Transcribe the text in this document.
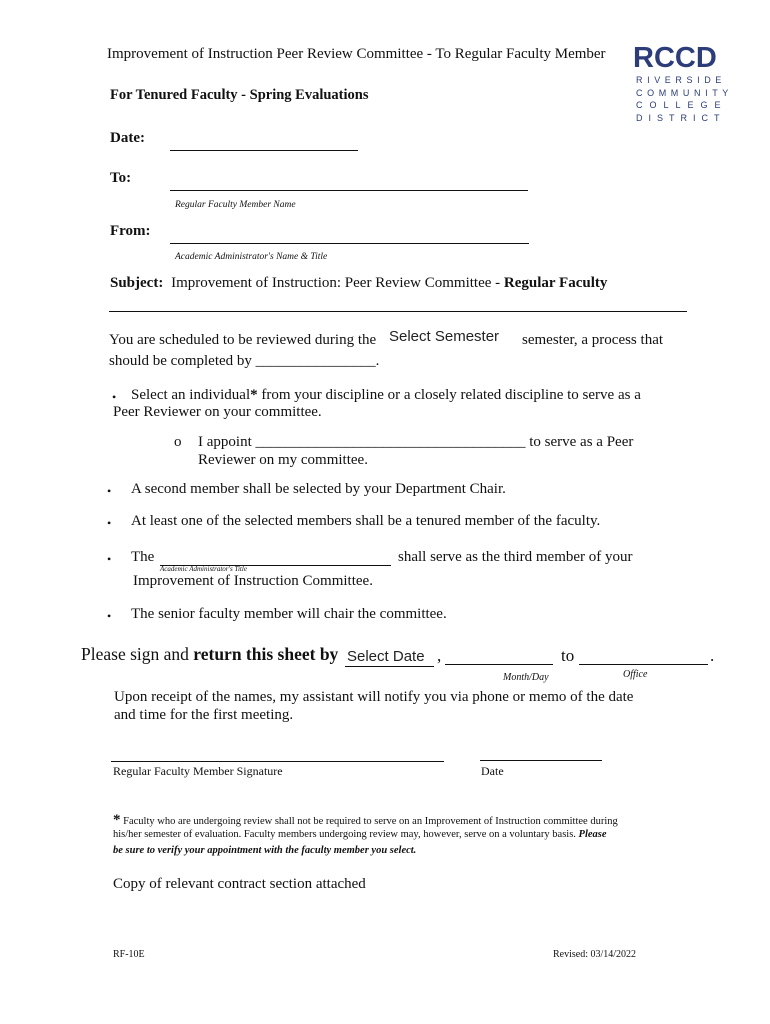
Improvement of Instruction Peer Review Committee - To Regular Faculty Member
For Tenured Faculty - Spring Evaluations
RCCD
RIVERSIDE
COMMUNITY
COLLEGE
DISTRICT
Date:
To:
Regular Faculty Member Name
From:
Academic Administrator's Name & Title
Subject: Improvement of Instruction: Peer Review Committee - Regular Faculty
You are scheduled to be reviewed during the Select Semester semester, a process that
should be completed by ________________.
• Select an individual* from your discipline or a closely related discipline to serve as a
Peer Reviewer on your committee.
o I appoint ____________________________________ to serve as a Peer
Reviewer on my committee.
• A second member shall be selected by your Department Chair.
• At least one of the selected members shall be a tenured member of the faculty.
• The	shall serve as the third member of your
Academic Administrator's Title
Improvement of Instruction Committee.
• The senior faculty member will chair the committee.
Please sign and return this sheet by Select Date ,	to	.
Month/Day	Office
Upon receipt of the names, my assistant will notify you via phone or memo of the date
and time for the first meeting.
Regular Faculty Member Signature	Date
* Faculty who are undergoing review shall not be required to serve on an Improvement of Instruction committee during
his/her semester of evaluation. Faculty members undergoing review may, however, serve on a voluntary basis. Please
be sure to verify your appointment with the faculty member you select.
Copy of relevant contract section attached
RF-10E	Revised: 03/14/2022
